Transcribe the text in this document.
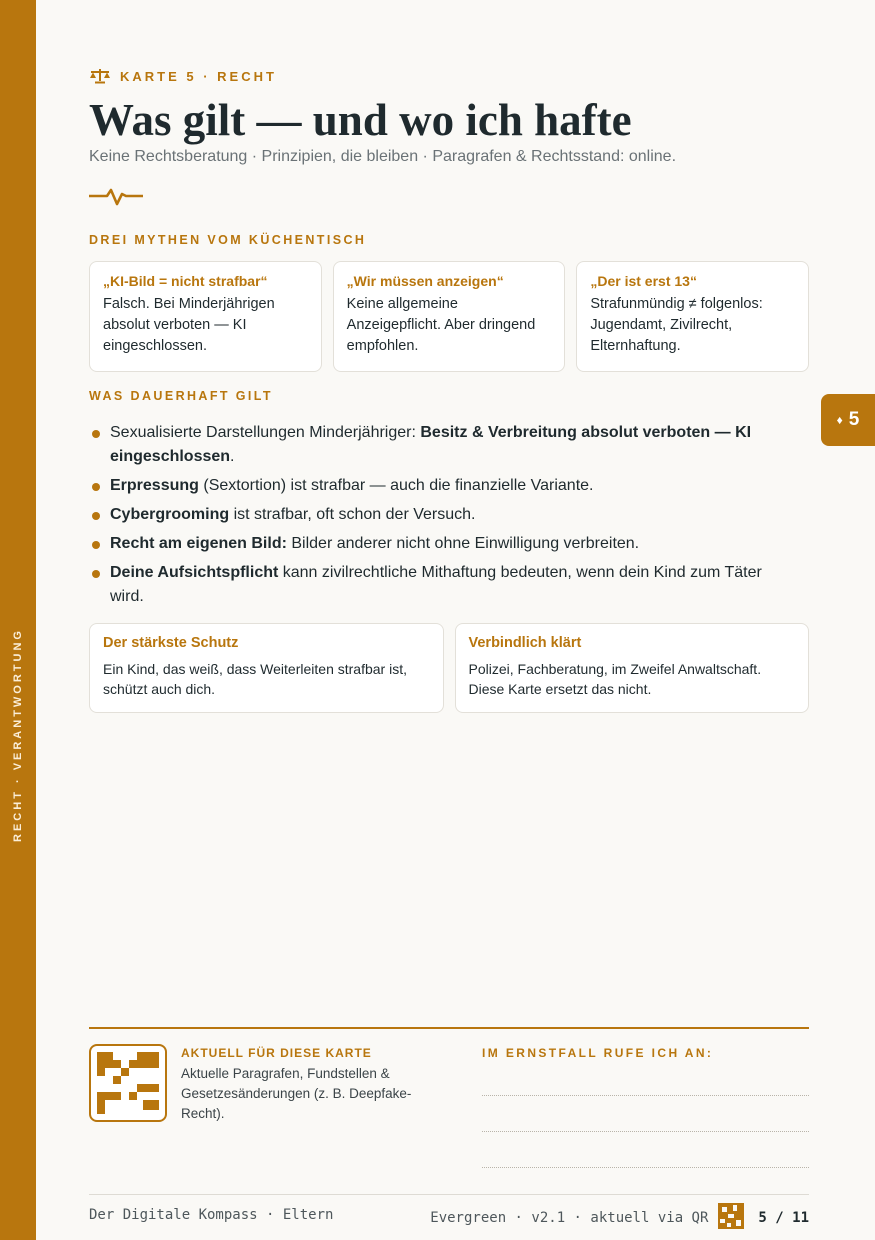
RECHT · VERANTWORTUNG
♦ 5
KARTE 5 · RECHT
Was gilt — und wo ich hafte
Keine Rechtsberatung · Prinzipien, die bleiben · Paragrafen & Rechtsstand: online.
DREI MYTHEN VOM KÜCHENTISCH
„KI-Bild = nicht strafbar“
Falsch. Bei Minderjährigen absolut verboten — KI eingeschlossen.
„Wir müssen anzeigen“
Keine allgemeine Anzeigepflicht. Aber dringend empfohlen.
„Der ist erst 13“
Strafunmündig ≠ folgenlos: Jugendamt, Zivilrecht, Elternhaftung.
WAS DAUERHAFT GILT
Sexualisierte Darstellungen Minderjähriger: Besitz & Verbreitung absolut verboten — KI eingeschlossen.
Erpressung (Sextortion) ist strafbar — auch die finanzielle Variante.
Cybergrooming ist strafbar, oft schon der Versuch.
Recht am eigenen Bild: Bilder anderer nicht ohne Einwilligung verbreiten.
Deine Aufsichtspflicht kann zivilrechtliche Mithaftung bedeuten, wenn dein Kind zum Täter wird.
Der stärkste Schutz
Ein Kind, das weiß, dass Weiterleiten strafbar ist, schützt auch dich.
Verbindlich klärt
Polizei, Fachberatung, im Zweifel Anwaltschaft. Diese Karte ersetzt das nicht.
AKTUELL FÜR DIESE KARTE
Aktuelle Paragrafen, Fundstellen & Gesetzesänderungen (z. B. Deepfake-Recht).
IM ERNSTFALL RUFE ICH AN:
Der Digitale Kompass · Eltern	Evergreen · v2.1 · aktuell via QR	5 / 11
